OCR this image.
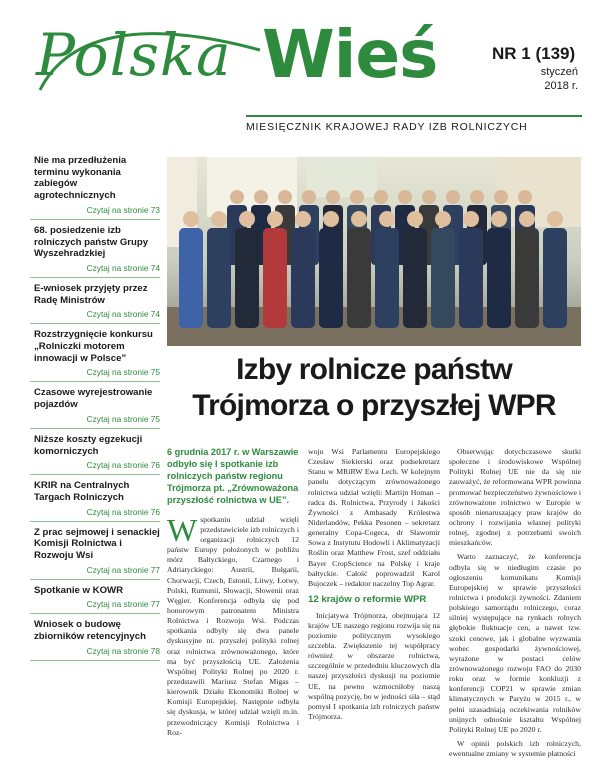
Polska Wieś	NR 1 (139)
styczeń
2018 r.
MIESIĘCZNIK KRAJOWEJ RADY IZB ROLNICZYCH
Nie ma przedłużenia terminu wykonania zabiegów agrotechnicznych
Czytaj na stronie 73
68. posiedzenie izb rolniczych państw Grupy Wyszehradzkiej
Czytaj na stronie 74
E-wniosek przyjęty przez Radę Ministrów
Czytaj na stronie 74
Rozstrzygnięcie konkursu „Rolniczki motorem innowacji w Polsce”
Czytaj na stronie 75
Czasowe wyrejestrowanie pojazdów
Czytaj na stronie 75
Niższe koszty egzekucji komorniczych
Czytaj na stronie 76
KRIR na Centralnych Targach Rolniczych
Czytaj na stronie 76
Z prac sejmowej i senackiej Komisji Rolnictwa i Rozwoju Wsi
Czytaj na stronie 77
Spotkanie w KOWR
Czytaj na stronie 77
Wniosek o budowę zbiorników retencyjnych
Czytaj na stronie 78
Izby rolnicze państw Trójmorza o przyszłej WPR
6 grudnia 2017 r. w Warszawie odbyło się I spotkanie izb rolniczych państw regionu Trójmorza pt. „Zrównoważona przyszłość rolnictwa w UE”.

Wspotkaniu udział wzięli przedstawiciele izb rolniczych i organizacji rolniczych 12 państw Europy położonych w pobliżu mórz Bałtyckiego, Czarnego i Adriatyckiego: Austrii, Bułgarii, Chorwacji, Czech, Estonii, Litwy, Łotwy, Polski, Rumunii, Słowacji, Słowenii oraz Węgier. Konferencja odbyła się pod honorowym patronatem Ministra Rolnictwa i Rozwoju Wsi. Podczas spotkania odbyły się dwa panele dyskusyjne nt. przyszłej polityki rolnej oraz rolnictwa zrównoważonego, które ma być przyszłością UE. Założenia Wspólnej Polityki Rolnej po 2020 r. przedstawili Mariusz Stefan Migas – kierownik Działu Ekonomiki Rolnej w Komisji Europejskiej. Następnie odbyła się dyskusja, w której udział wzięli m.in. przewodniczący Komisji Rolnictwa i Roz-

woju Wsi Parlamentu Europejskiego Czesław Siekierski oraz podsekretarz Stanu w MRiRW Ewa Lech. W kolejnym panelu dotyczącym zrównoważonego rolnictwa udział wzięli: Martijn Homan – radca ds. Rolnictwa, Przyrody i Jakości Żywności z Ambasady Królestwa Niderlandów, Pekka Pesonen – sekretarz generalny Copa-Cogeca, dr Sławomir Sowa z Instytutu Hodowli i Aklimatyzacji Roślin oraz Matthew Frost, szef oddziału Bayer CropScience na Polskę i kraje bałtyckie. Całość poprowadził Karol Bujoczek – redaktor naczelny Top Agrar.

12 krajów o reformie WPR

Inicjatywa Trójmorza, obejmująca 12 krajów UE naszego regionu rozwija się na poziomie politycznym wysokiego szczebla. Zwiększenie tej współpracy również w obszarze rolnictwa, szczególnie w przededniu kluczowych dla naszej przyszłości dyskusji na poziomie UE, na pewno wzmocniłoby naszą wspólną pozycję, bo w jedności siła – stąd pomysł I spotkania izb rolniczych państw Trójmorza.

Obserwując dotychczasowe skutki społeczne i środowiskowe Wspólnej Polityki Rolnej UE nie da się nie zauważyć, że reformowana WPR powinna promować bezpieczeństwo żywnościowe i zrównoważone rolnictwo w Europie w sposób nienaruszający praw krajów do ochrony i rozwijania własnej polityki rolnej, zgodnej z potrzebami swoich mieszkańców.

Warto zaznaczyć, że konferencja odbyła się w niedługim czasie po ogłoszeniu komunikatu Komisji Europejskiej w sprawie przyszłości rolnictwa i produkcji żywności. Zdaniem polskiego samorządu rolniczego, coraz silniej występujące na rynkach rolnych głębokie fluktuacje cen, a nawet tzw. szoki cenowe, jak i globalne wyzwania wobec gospodarki żywnościowej, wyrażone w postaci celów zrównoważonego rozwoju FAO do 2030 roku oraz w formie konkluzji z konferencji COP21 w sprawie zmian klimatycznych w Paryżu w 2015 r., w pełni uzasadniają oczekiwania rolników unijnych odnośnie kształtu Wspólnej Polityki Rolnej UE po 2020 r.

W opinii polskich izb rolniczych, ewentualne zmiany w systemie płatności
